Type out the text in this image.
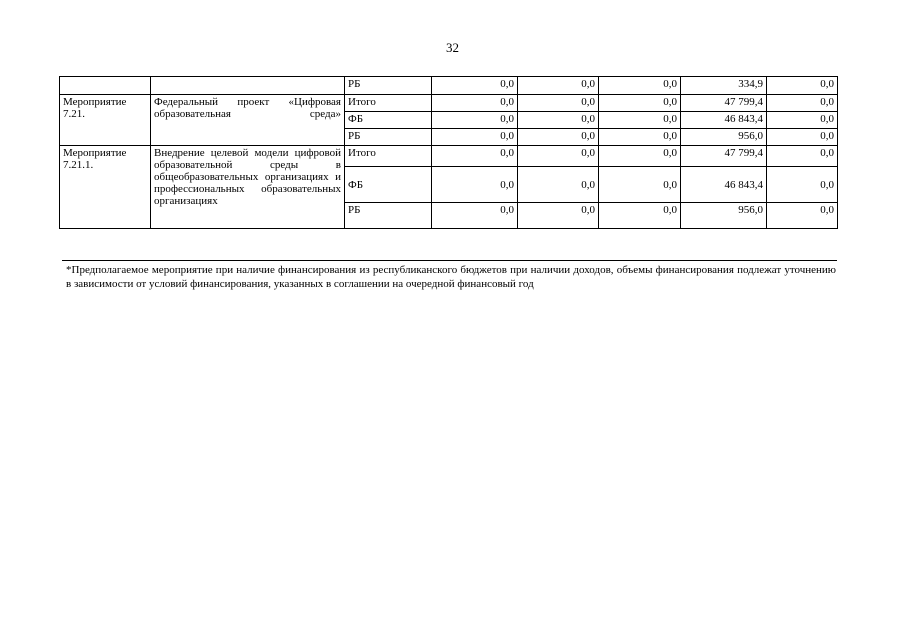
32
		РБ	0,0	0,0	0,0	334,9	0,0
Мероприятие 7.21.	Федеральный проект «Цифровая образовательная среда»	Итого	0,0	0,0	0,0	47 799,4	0,0
		ФБ	0,0	0,0	0,0	46 843,4	0,0
		РБ	0,0	0,0	0,0	956,0	0,0
Мероприятие 7.21.1.	Внедрение целевой модели цифровой образовательной среды в общеобразовательных организациях и профессиональных образовательных организациях	Итого	0,0	0,0	0,0	47 799,4	0,0
		ФБ	0,0	0,0	0,0	46 843,4	0,0
		РБ	0,0	0,0	0,0	956,0	0,0
*Предполагаемое мероприятие при наличие финансирования из республиканского бюджетов при наличии доходов, объемы финансирования подлежат уточнению в зависимости от условий финансирования, указанных в соглашении на очередной финансовый год
